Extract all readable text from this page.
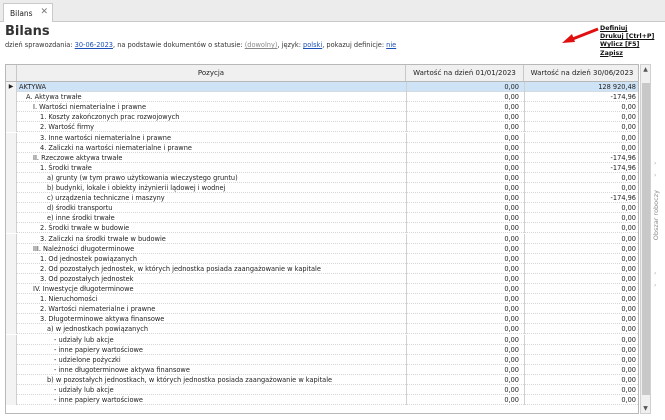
Bilans ✕
Bilans
dzień sprawozdania: 30-06-2023, na podstawie dokumentów o statusie: (dowolny), język: polski, pokazuj definicje: nie
Definiuj
Drukuj [Ctrl+P]
Wylicz [F5]
Zapisz
Pozycja	Wartość na dzień 01/01/2023	Wartość na dzień 30/06/2023
▶ AKTYWA	0,00	128 920,48
A. Aktywa trwałe	0,00	-174,96
I. Wartości niematerialne i prawne	0,00	0,00
1. Koszty zakończonych prac rozwojowych	0,00	0,00
2. Wartość firmy	0,00	0,00
3. Inne wartości niematerialne i prawne	0,00	0,00
4. Zaliczki na wartości niematerialne i prawne	0,00	0,00
II. Rzeczowe aktywa trwałe	0,00	-174,96
1. Środki trwałe	0,00	-174,96
a) grunty (w tym prawo użytkowania wieczystego gruntu)	0,00	0,00
b) budynki, lokale i obiekty inżynierii lądowej i wodnej	0,00	0,00
c) urządzenia techniczne i maszyny	0,00	-174,96
d) środki transportu	0,00	0,00
e) inne środki trwałe	0,00	0,00
2. Środki trwałe w budowie	0,00	0,00
3. Zaliczki na środki trwałe w budowie	0,00	0,00
III. Należności długoterminowe	0,00	0,00
1. Od jednostek powiązanych	0,00	0,00
2. Od pozostałych jednostek, w których jednostka posiada zaangażowanie w kapitale	0,00	0,00
3. Od pozostałych jednostek	0,00	0,00
IV. Inwestycje długoterminowe	0,00	0,00
1. Nieruchomości	0,00	0,00
2. Wartości niematerialne i prawne	0,00	0,00
3. Długoterminowe aktywa finansowe	0,00	0,00
a) w jednostkach powiązanych	0,00	0,00
- udziały lub akcje	0,00	0,00
- inne papiery wartościowe	0,00	0,00
- udzielone pożyczki	0,00	0,00
- inne długoterminowe aktywa finansowe	0,00	0,00
b) w pozostałych jednostkach, w których jednostka posiada zaangażowanie w kapitale	0,00	0,00
- udziały lub akcje	0,00	0,00
- inne papiery wartościowe	0,00	0,00
▲
▼
›
›
Obszar roboczy
›
›
